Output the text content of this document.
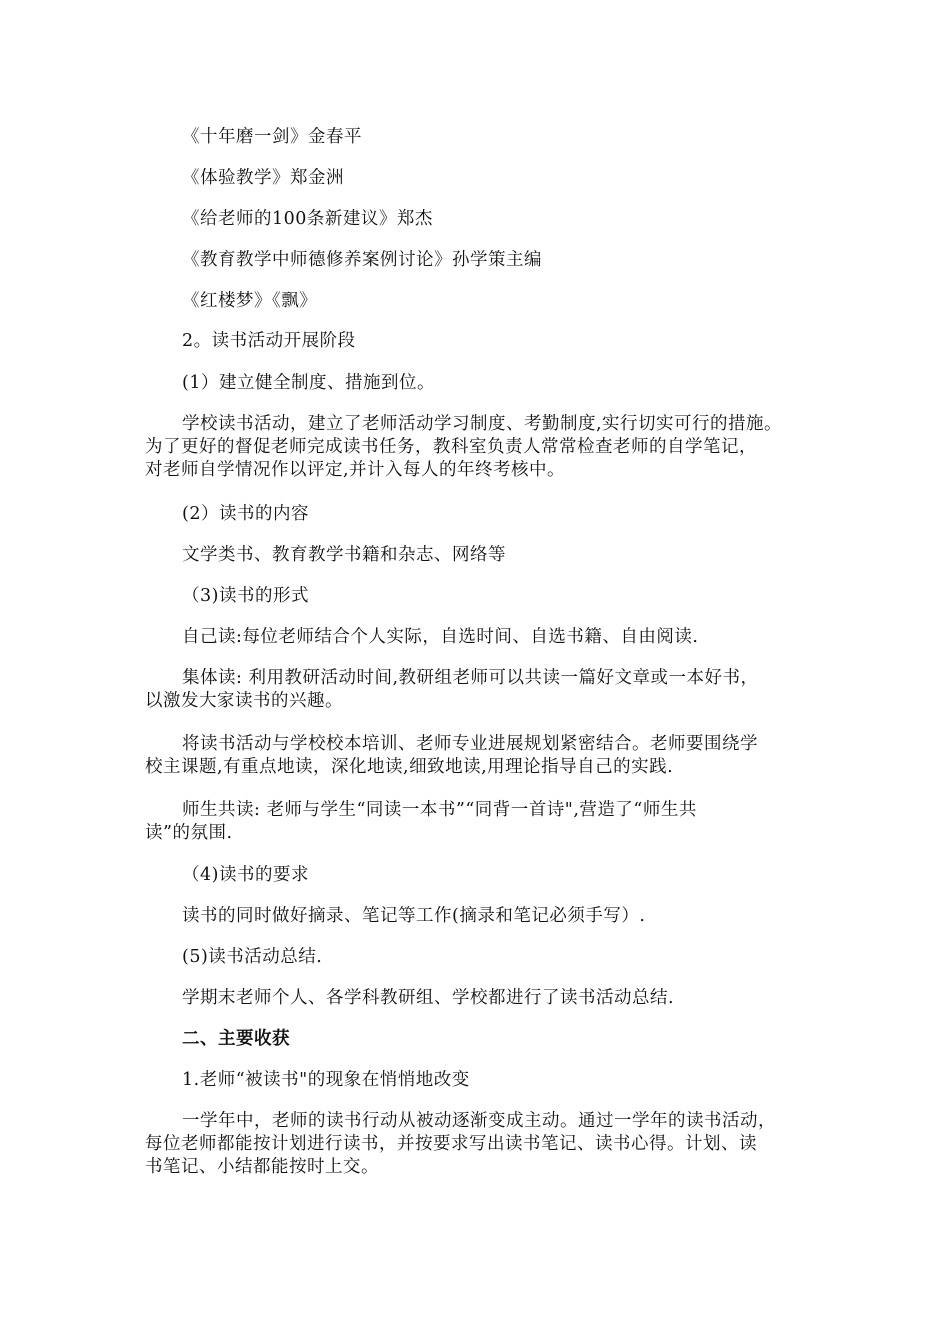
《十年磨一剑》金春平

《体验教学》郑金洲

《给老师的100条新建议》郑杰

《教育教学中师德修养案例讨论》孙学策主编

《红楼梦》《飘》

2。读书活动开展阶段

(1）建立健全制度、措施到位。

学校读书活动，建立了老师活动学习制度、考勤制度,实行切实可行的措施。
为了更好的督促老师完成读书任务，教科室负责人常常检查老师的自学笔记，
对老师自学情况作以评定,并计入每人的年终考核中。

(2）读书的内容

文学类书、教育教学书籍和杂志、网络等

（3)读书的形式

自己读:每位老师结合个人实际，自选时间、自选书籍、自由阅读.

集体读: 利用教研活动时间,教研组老师可以共读一篇好文章或一本好书，
以激发大家读书的兴趣。

将读书活动与学校校本培训、老师专业进展规划紧密结合。老师要围绕学
校主课题,有重点地读，深化地读,细致地读,用理论指导自己的实践.

师生共读: 老师与学生“同读一本书”“同背一首诗",营造了“师生共
读”的氛围.

（4)读书的要求

读书的同时做好摘录、笔记等工作(摘录和笔记必须手写）.

(5)读书活动总结.

学期末老师个人、各学科教研组、学校都进行了读书活动总结.

二、主要收获

1.老师“被读书"的现象在悄悄地改变

一学年中，老师的读书行动从被动逐渐变成主动。通过一学年的读书活动，
每位老师都能按计划进行读书，并按要求写出读书笔记、读书心得。计划、读
书笔记、小结都能按时上交。
